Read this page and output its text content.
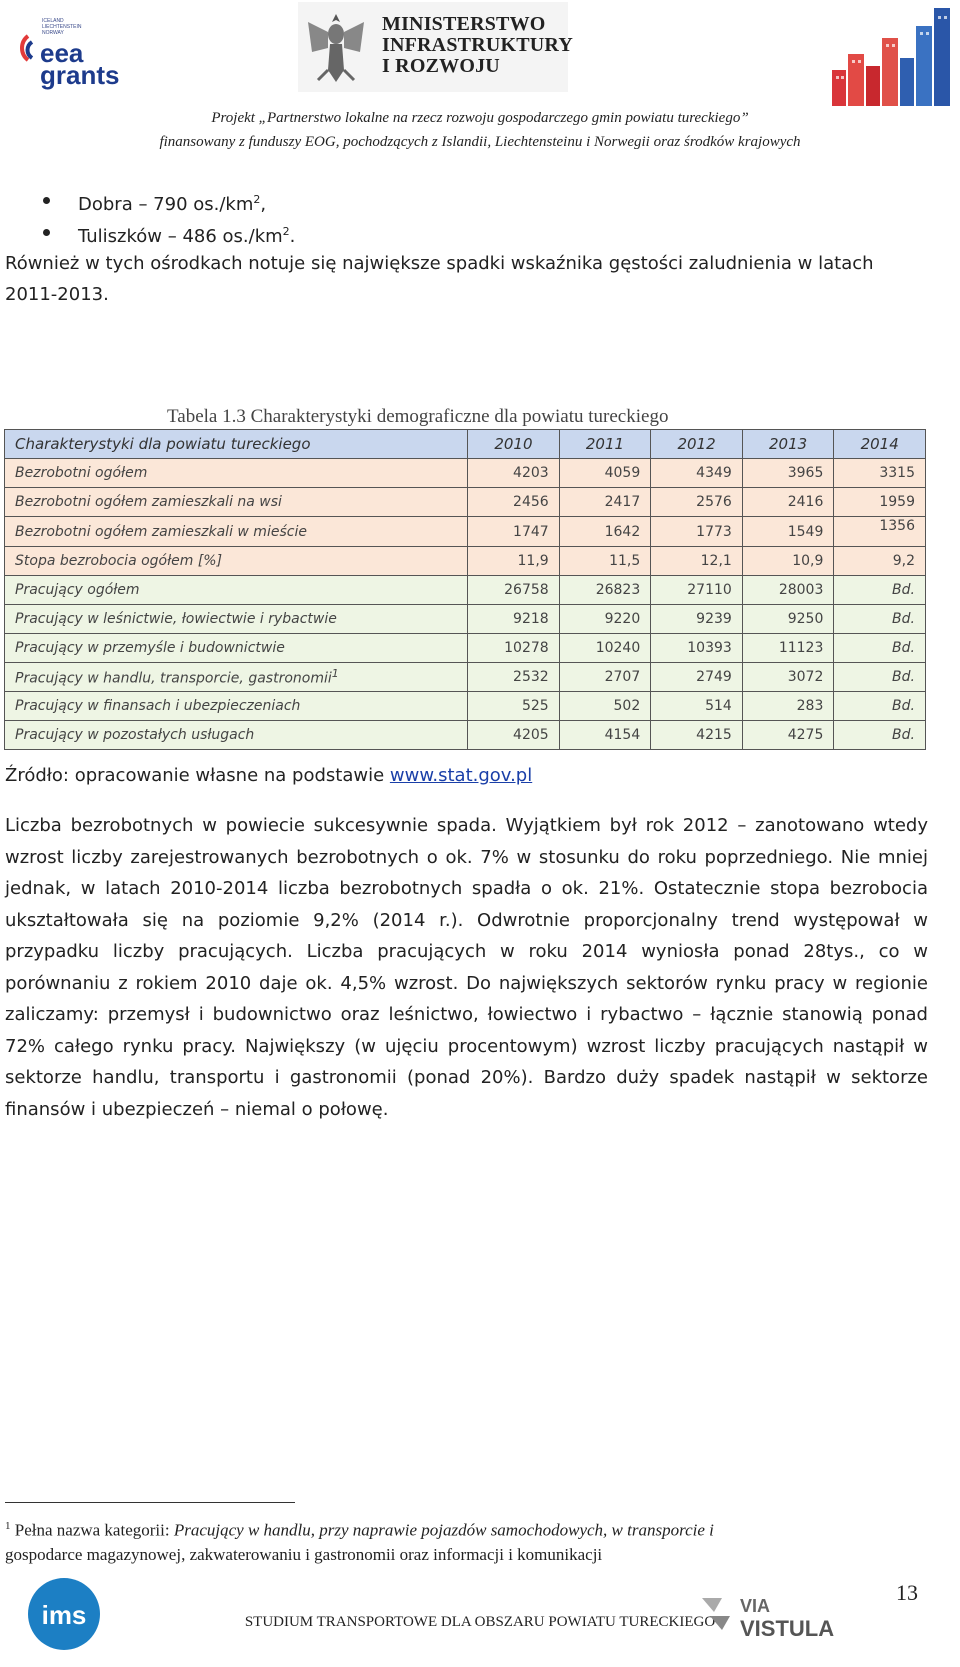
ICELAND
LIECHTENSTEIN
NORWAY
eea
grants
MINISTERSTWO
INFRASTRUKTURY
I ROZWOJU
Projekt „Partnerstwo lokalne na rzecz rozwoju gospodarczego gmin powiatu tureckiego”
finansowany z funduszy EOG, pochodzących z Islandii, Liechtensteinu i Norwegii oraz środków krajowych
Dobra – 790 $os./km^2$,
Tuliszków – 486 $os./km^2$.
Również w tych ośrodkach notuje się największe spadki wskaźnika gęstości zaludnienia w latach 2011-2013.
Tabela 1.3 Charakterystyki demograficzne dla powiatu tureckiego
Charakterystyki dla powiatu tureckiego	2010	2011	2012	2013	2014
Bezrobotni ogółem	4203	4059	4349	3965	3315
Bezrobotni ogółem zamieszkali na wsi	2456	2417	2576	2416	1959
Bezrobotni ogółem zamieszkali w mieście	1747	1642	1773	1549	1356
Stopa bezrobocia ogółem [%]	11,9	11,5	12,1	10,9	9,2
Pracujący ogółem	26758	26823	27110	28003	Bd.
Pracujący w leśnictwie, łowiectwie i rybactwie	9218	9220	9239	9250	Bd.
Pracujący w przemyśle i budownictwie	10278	10240	10393	11123	Bd.
Pracujący w handlu, transporcie, gastronomii$^1$	2532	2707	2749	3072	Bd.
Pracujący w finansach i ubezpieczeniach	525	502	514	283	Bd.
Pracujący w pozostałych usługach	4205	4154	4215	4275	Bd.
Źródło: opracowanie własne na podstawie www.stat.gov.pl
Liczba bezrobotnych w powiecie sukcesywnie spada. Wyjątkiem był rok 2012 – zanotowano wtedy wzrost liczby zarejestrowanych bezrobotnych o ok. 7% w stosunku do roku poprzedniego. Nie mniej jednak, w latach 2010-2014 liczba bezrobotnych spadła o ok. 21%. Ostatecznie stopa bezrobocia ukształtowała się na poziomie 9,2% (2014 r.). Odwrotnie proporcjonalny trend występował w przypadku liczby pracujących. Liczba pracujących w roku 2014 wyniosła ponad 28tys., co w porównaniu z rokiem 2010 daje ok. 4,5% wzrost. Do największych sektorów rynku pracy w regionie zaliczamy: przemysł i budownictwo oraz leśnictwo, łowiectwo i rybactwo – łącznie stanowią ponad 72% całego rynku pracy. Największy (w ujęciu procentowym) wzrost liczby pracujących nastąpił w sektorze handlu, transportu i gastronomii (ponad 20%). Bardzo duży spadek nastąpił w sektorze finansów i ubezpieczeń – niemal o połowę.
$^1$ Pełna nazwa kategorii: Pracujący w handlu, przy naprawie pojazdów samochodowych, w transporcie i
gospodarce magazynowej, zakwaterowaniu i gastronomii oraz informacji i komunikacji
ims	STUDIUM TRANSPORTOWE DLA OBSZARU POWIATU TURECKIEGO
13
VIA
VISTULA
